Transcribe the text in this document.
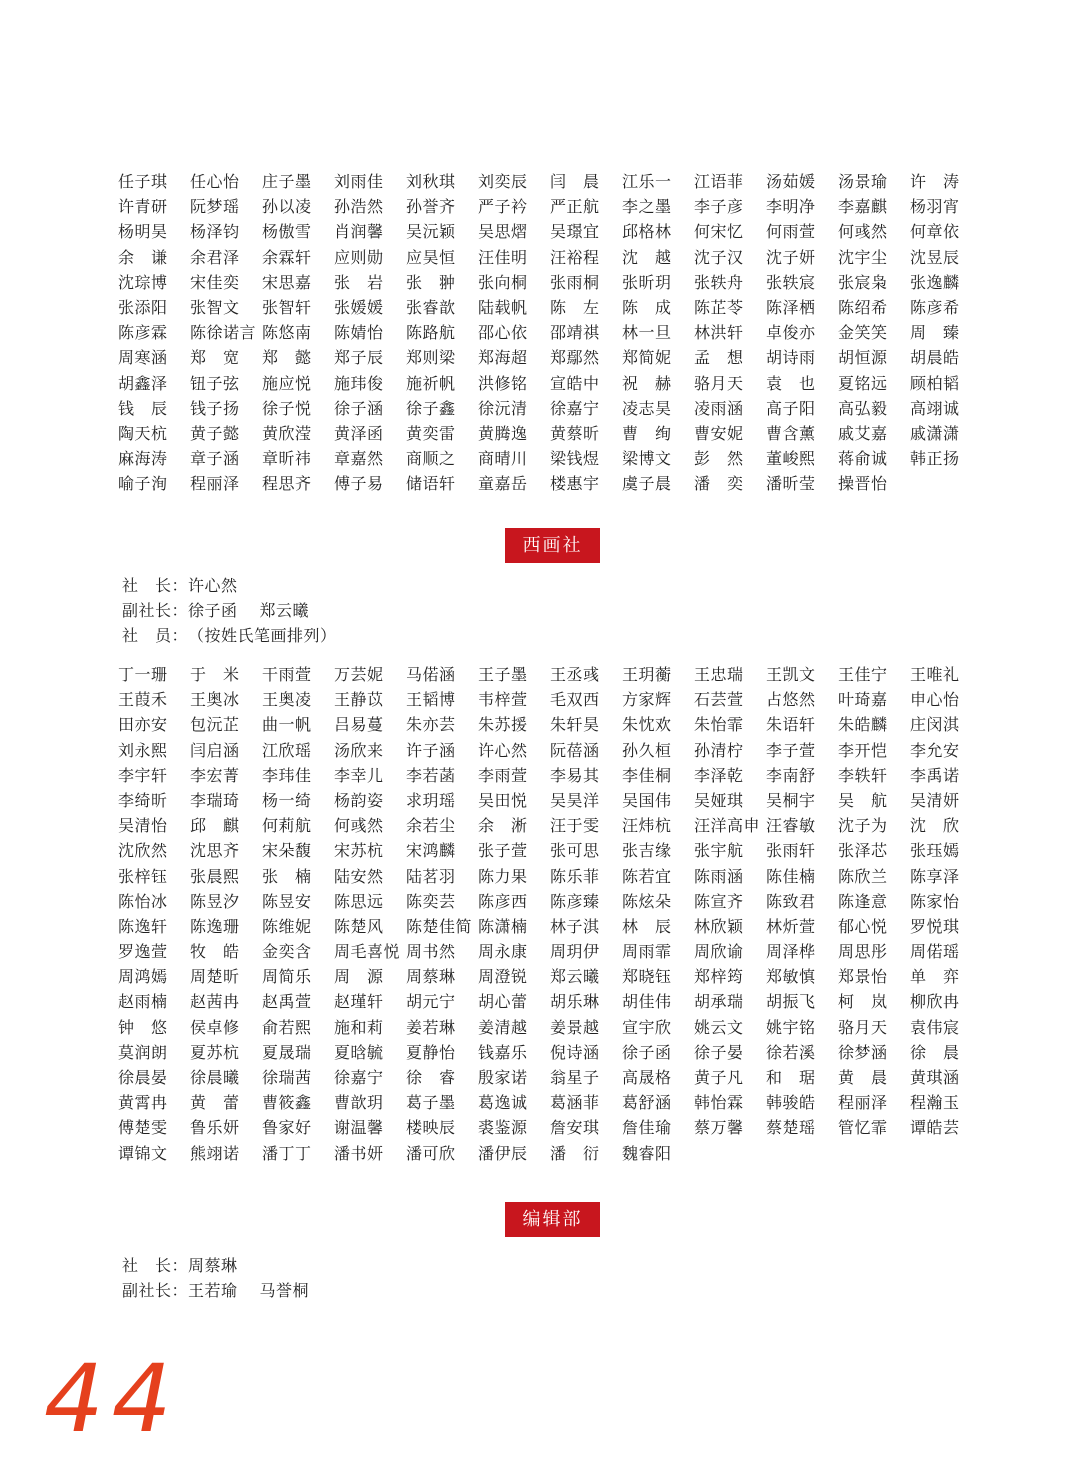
任子琪	任心怡	庄子墨	刘雨佳	刘秋琪	刘奕辰	闫　晨	江乐一	江语菲	汤茹媛	汤景瑜	许　涛
许青研	阮梦瑶	孙以凌	孙浩然	孙誉齐	严子衿	严正航	李之墨	李子彦	李明净	李嘉麒	杨羽宵
杨明昊	杨泽钧	杨傲雪	肖润馨	吴沅颖	吴思熠	吴璟宜	邱格林	何宋忆	何雨萱	何彧然	何章依
余　谦	余君泽	余霖轩	应则勋	应昊恒	汪佳明	汪裕程	沈　越	沈子汉	沈子妍	沈宇尘	沈昱辰
沈琮博	宋佳奕	宋思嘉	张　岩	张　翀	张向桐	张雨桐	张昕玥	张轶舟	张轶宸	张宸枭	张逸麟
张添阳	张智文	张智轩	张媛媛	张睿歆	陆载帆	陈　左	陈　成	陈芷苓	陈泽栖	陈绍希	陈彦希
陈彦霖	陈徐诺言 陈悠南	陈婧怡	陈路航	邵心依	邵靖祺	林一旦	林洪轩	卓俊亦	金笑笑	周　臻
周寒涵	郑　宽	郑　懿	郑子辰	郑则梁	郑海超	郑鄢然	郑简妮	孟　想	胡诗雨	胡恒源	胡晨皓
胡鑫泽	钮子弦	施应悦	施玮俊	施祈帆	洪修铭	宣皓中	祝　赫	骆月天	袁　也	夏铭远	顾柏韬
钱　辰	钱子扬	徐子悦	徐子涵	徐子鑫	徐沅清	徐嘉宁	凌志昊	凌雨涵	高子阳	高弘毅	高翊诚
陶天杭	黄子懿	黄欣滢	黄泽函	黄奕雷	黄腾逸	黄蔡昕	曹　绚	曹安妮	曹含薰	戚艾嘉	戚潇潇
麻海涛	章子涵	章昕祎	章嘉然	商顺之	商晴川	梁钱煜	梁博文	彭　然	董峻熙	蒋俞诚	韩正扬
喻子洵	程丽泽	程思齐	傅子易	储语轩	童嘉岳	楼惠宇	虞子晨	潘　奕	潘昕莹	操晋怡
西画社
社　长：许心然
副社长：徐子函 郑云曦
社　员：（按姓氏笔画排列）
丁一珊	于　米	干雨萱	万芸妮	马偌涵	王子墨	王丞彧	王玥蘅	王忠瑞	王凯文	王佳宁	王唯礼
王葭禾	王奥冰	王奥凌	王静苡	王韬博	韦梓萱	毛双西	方家辉	石芸萱	占悠然	叶琦嘉	申心怡
田亦安	包沅芷	曲一帆	吕易蔓	朱亦芸	朱苏援	朱轩昊	朱忱欢	朱怡霏	朱语轩	朱皓麟	庄闵淇
刘永熙	闫启涵	江欣瑶	汤欣来	许子涵	许心然	阮蓓涵	孙久桓	孙清柠	李子萱	李开恺	李允安
李宇轩	李宏菁	李玮佳	李幸儿	李若菡	李雨萱	李易其	李佳桐	李泽乾	李南舒	李轶轩	李禹诺
李绮昕	李瑞琦	杨一绮	杨韵姿	求玥瑶	吴田悦	吴昊洋	吴国伟	吴娅琪	吴桐宇	吴　航	吴清妍
吴清怡	邱　麒	何莉航	何彧然	余若尘	余　淅	汪于雯	汪炜杭	汪洋高申 汪睿敏	沈子为	沈　欣
沈欣然	沈思齐	宋朵馥	宋苏杭	宋鸿麟	张子萱	张可思	张吉缘	张宇航	张雨轩	张泽芯	张珏嫣
张梓钰	张晨熙	张　楠	陆安然	陆茗羽	陈力果	陈乐菲	陈若宜	陈雨涵	陈佳楠	陈欣兰	陈享泽
陈怡冰	陈昱汐	陈昱安	陈思远	陈奕芸	陈彦西	陈彦臻	陈炫朵	陈宣齐	陈致君	陈逢意	陈家怡
陈逸轩	陈逸珊	陈维妮	陈楚风	陈楚佳简 陈潇楠	林子淇	林　辰	林欣颖	林炘萱	郁心悦	罗悦琪
罗逸萱	牧　皓	金奕含	周毛喜悦 周书然	周永康	周玥伊	周雨霏	周欣谕	周泽桦	周思彤	周偌瑶
周鸿嫣	周楚昕	周简乐	周　源	周蔡琳	周澄锐	郑云曦	郑晓钰	郑梓筠	郑敏慎	郑景怡	单　弈
赵雨楠	赵茜冉	赵禹萱	赵瑾轩	胡元宁	胡心蕾	胡乐琳	胡佳伟	胡承瑞	胡振飞	柯　岚	柳欣冉
钟　悠	侯卓修	俞若熙	施和莉	姜若琳	姜清越	姜景越	宣宇欣	姚云文	姚宇铭	骆月天	袁伟宸
莫润朗	夏苏杭	夏晟瑞	夏晗毓	夏静怡	钱嘉乐	倪诗涵	徐子函	徐子晏	徐若溪	徐梦涵	徐　晨
徐晨晏	徐晨曦	徐瑞茜	徐嘉宁	徐　睿	殷家诺	翁星子	高晟格	黄子凡	和　琚	黄　晨	黄琪涵
黄霄冉	黄　蕾	曹筱鑫	曹歆玥	葛子墨	葛逸诚	葛涵菲	葛舒涵	韩怡霖	韩骏皓	程丽泽	程瀚玉
傅楚雯	鲁乐妍	鲁家好	谢温馨	楼映辰	裘鉴源	詹安琪	詹佳瑜	蔡万馨	蔡楚瑶	管忆霏	谭皓芸
谭锦文	熊翊诺	潘丁丁	潘书妍	潘可欣	潘伊辰	潘　衍	魏睿阳
编辑部
社　长：周蔡琳
副社长：王若瑜 马誉桐
44
